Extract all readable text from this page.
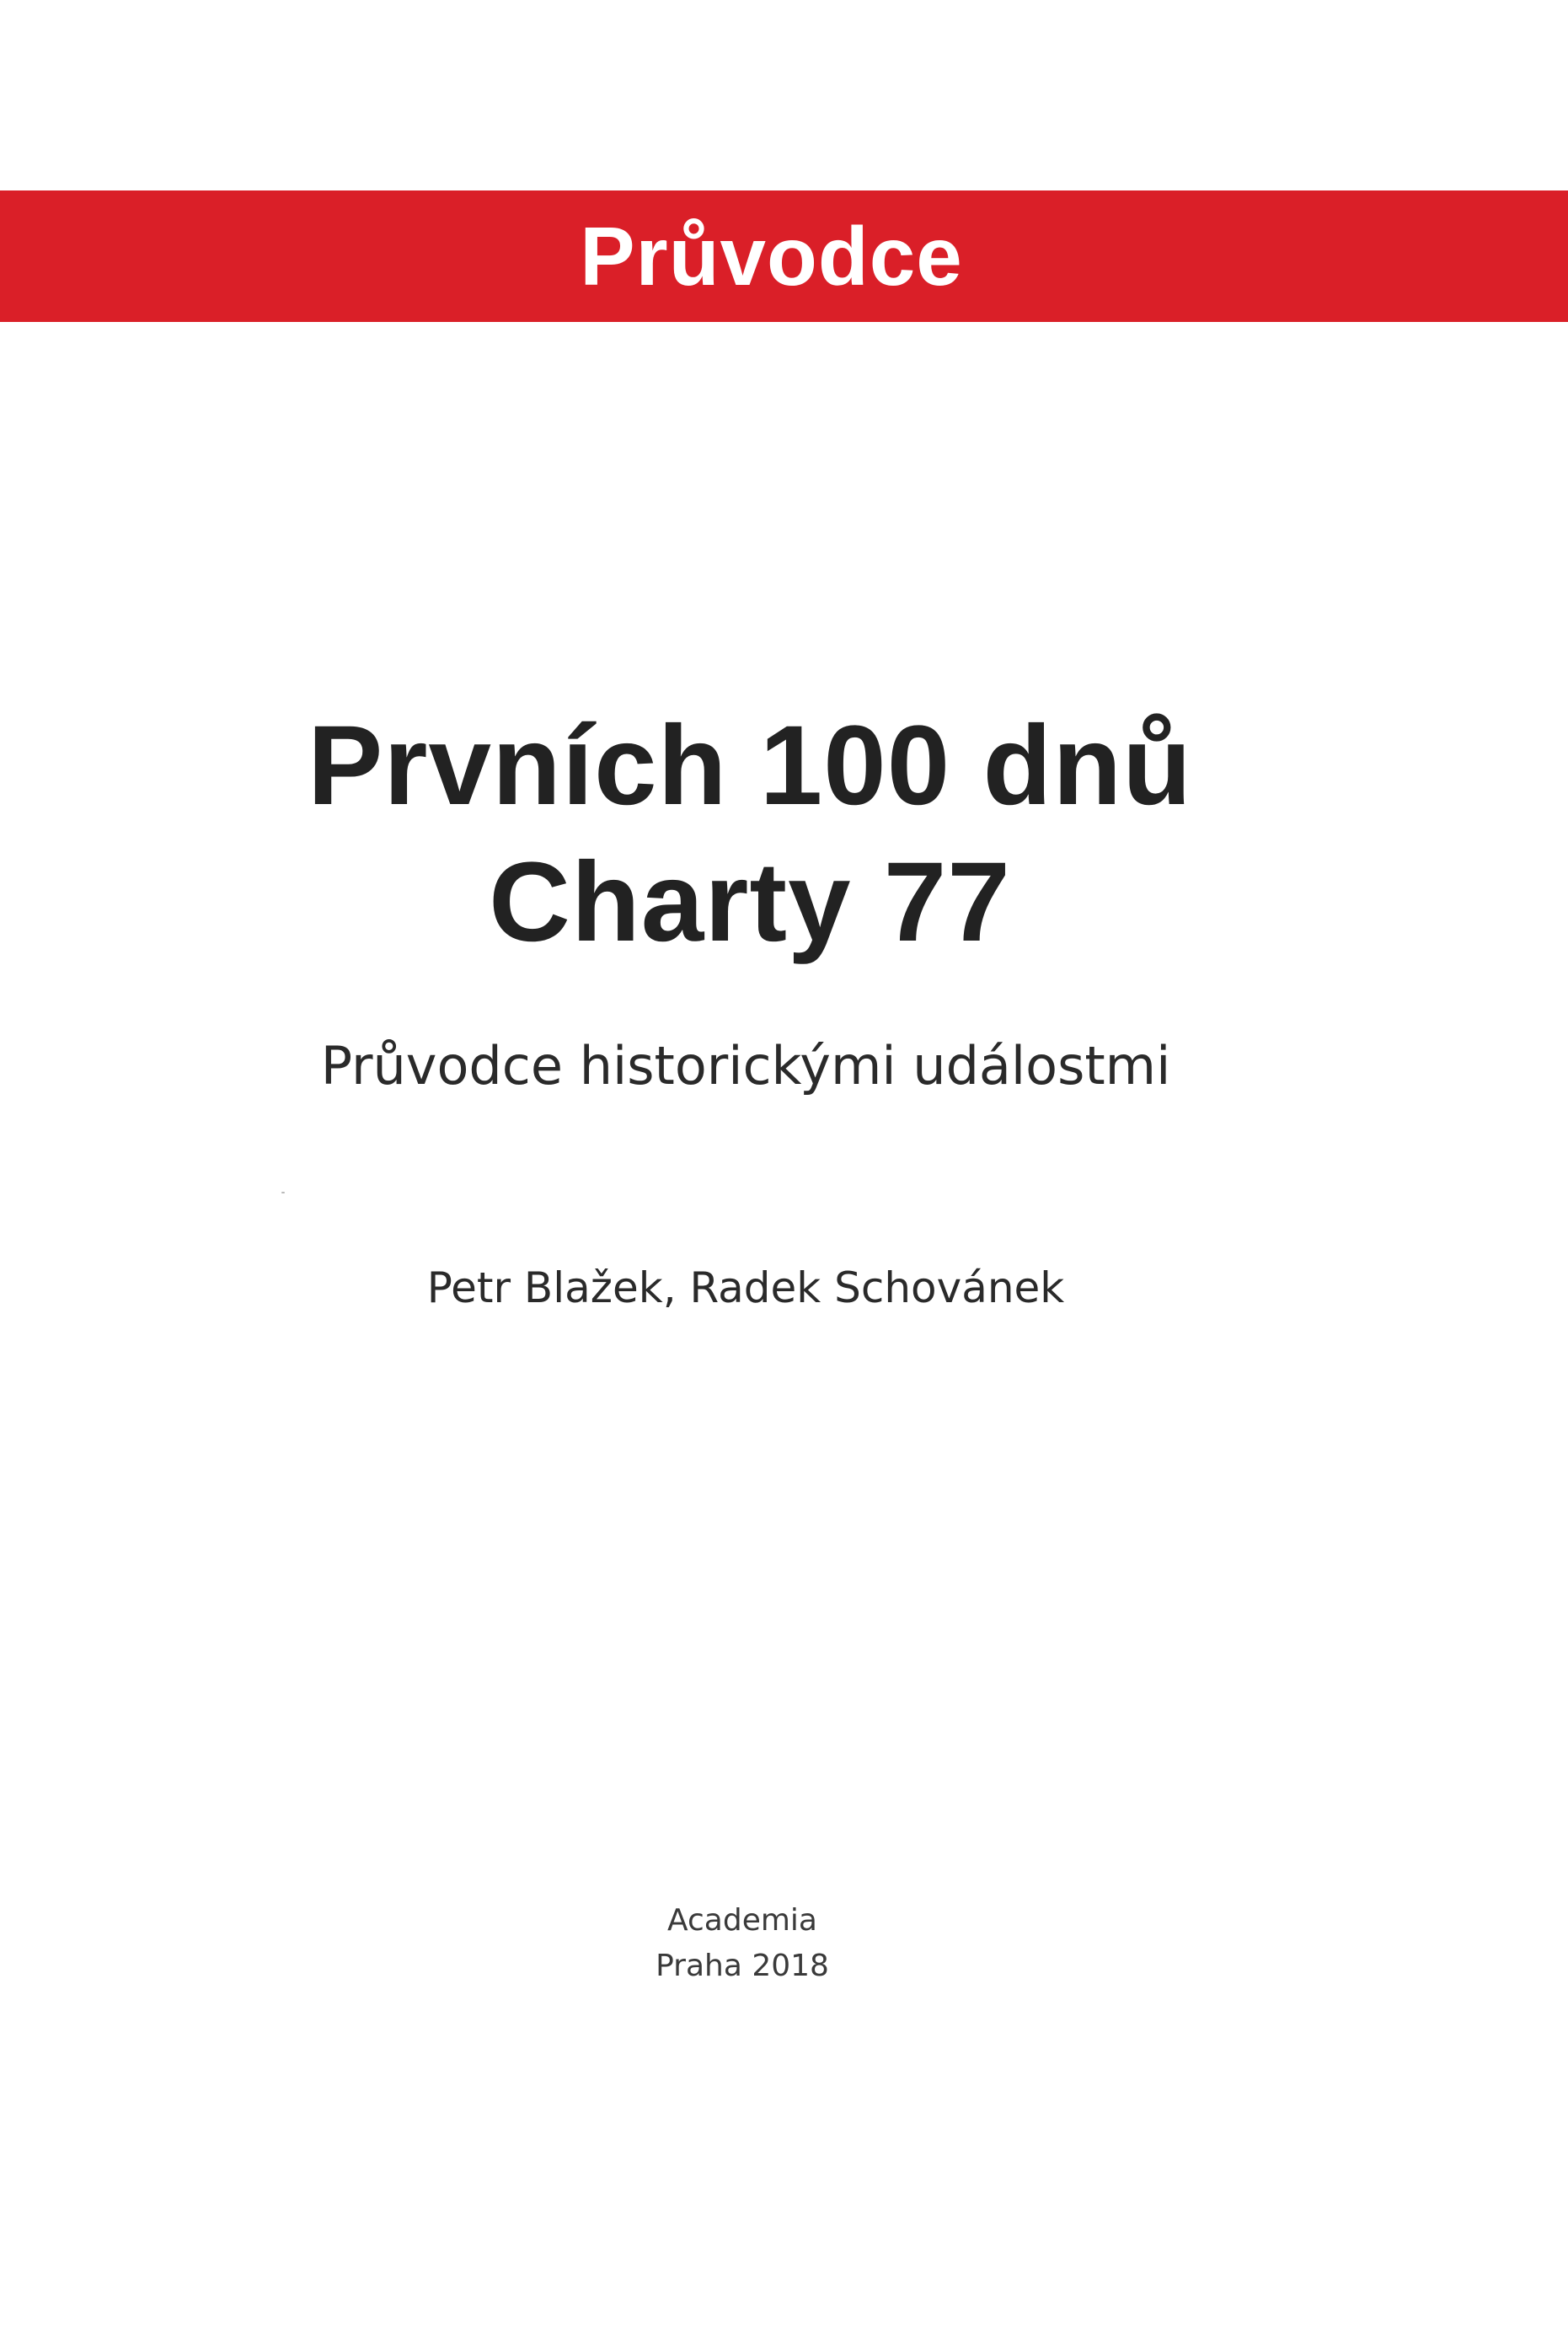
Průvodce
Prvních 100 dnů
Charty 77
Průvodce historickými událostmi
Petr Blažek, Radek Schovánek
Academia
Praha 2018
